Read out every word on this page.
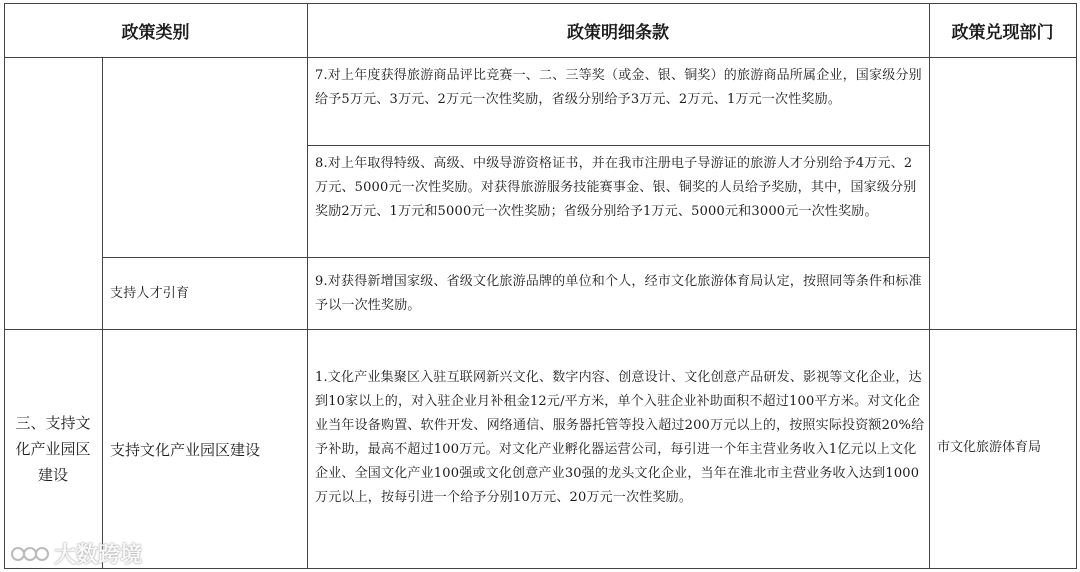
政策类别	政策明细条款	政策兑现部门
7.对上年度获得旅游商品评比竞赛一、二、三等奖（或金、银、铜奖）的旅游商品所属企业，国家级分别给予5万元、3万元、2万元一次性奖励，省级分别给予3万元、2万元、1万元一次性奖励。
8.对上年取得特级、高级、中级导游资格证书，并在我市注册电子导游证的旅游人才分别给予4万元、2万元、5000元一次性奖励。对获得旅游服务技能赛事金、银、铜奖的人员给予奖励，其中，国家级分别奖励2万元、1万元和5000元一次性奖励；省级分别给予1万元、5000元和3000元一次性奖励。
支持人才引育
9.对获得新增国家级、省级文化旅游品牌的单位和个人，经市文化旅游体育局认定，按照同等条件和标准予以一次性奖励。
三、支持文化产业园区建设
支持文化产业园区建设
1.文化产业集聚区入驻互联网新兴文化、数字内容、创意设计、文化创意产品研发、影视等文化企业，达到10家以上的，对入驻企业月补租金12元/平方米，单个入驻企业补助面积不超过100平方米。对文化企业当年设备购置、软件开发、网络通信、服务器托管等投入超过200万元以上的，按照实际投资额20%给予补助，最高不超过100万元。对文化产业孵化器运营公司，每引进一个年主营业务收入1亿元以上文化企业、全国文化产业100强或文化创意产业30强的龙头文化企业，当年在淮北市主营业务收入达到1000万元以上，按每引进一个给予分别10万元、20万元一次性奖励。
市文化旅游体育局
大数跨境
